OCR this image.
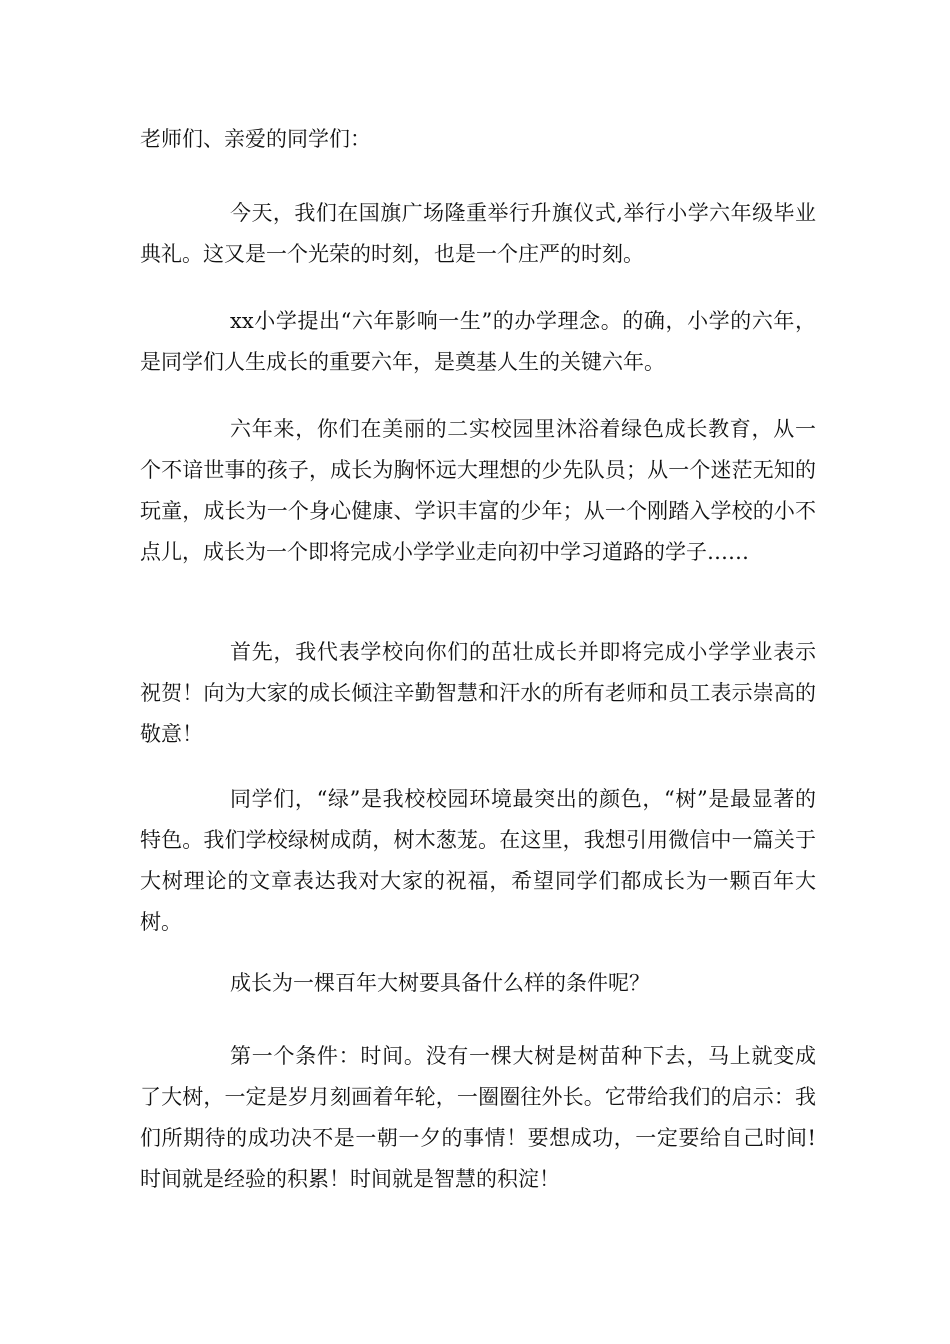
老师们、亲爱的同学们：

今天，我们在国旗广场隆重举行升旗仪式,举行小学六年级毕业典礼。这又是一个光荣的时刻，也是一个庄严的时刻。

xx小学提出“六年影响一生”的办学理念。的确，小学的六年，是同学们人生成长的重要六年，是奠基人生的关键六年。

六年来，你们在美丽的二实校园里沐浴着绿色成长教育，从一个不谙世事的孩子，成长为胸怀远大理想的少先队员；从一个迷茫无知的玩童，成长为一个身心健康、学识丰富的少年；从一个刚踏入学校的小不点儿，成长为一个即将完成小学学业走向初中学习道路的学子……

首先，我代表学校向你们的茁壮成长并即将完成小学学业表示祝贺！向为大家的成长倾注辛勤智慧和汗水的所有老师和员工表示崇高的敬意！

同学们，“绿”是我校校园环境最突出的颜色，“树”是最显著的特色。我们学校绿树成荫，树木葱茏。在这里，我想引用微信中一篇关于大树理论的文章表达我对大家的祝福，希望同学们都成长为一颗百年大树。

成长为一棵百年大树要具备什么样的条件呢？

第一个条件：时间。没有一棵大树是树苗种下去，马上就变成了大树，一定是岁月刻画着年轮，一圈圈往外长。它带给我们的启示：我们所期待的成功决不是一朝一夕的事情！要想成功，一定要给自己时间!时间就是经验的积累！时间就是智慧的积淀！
